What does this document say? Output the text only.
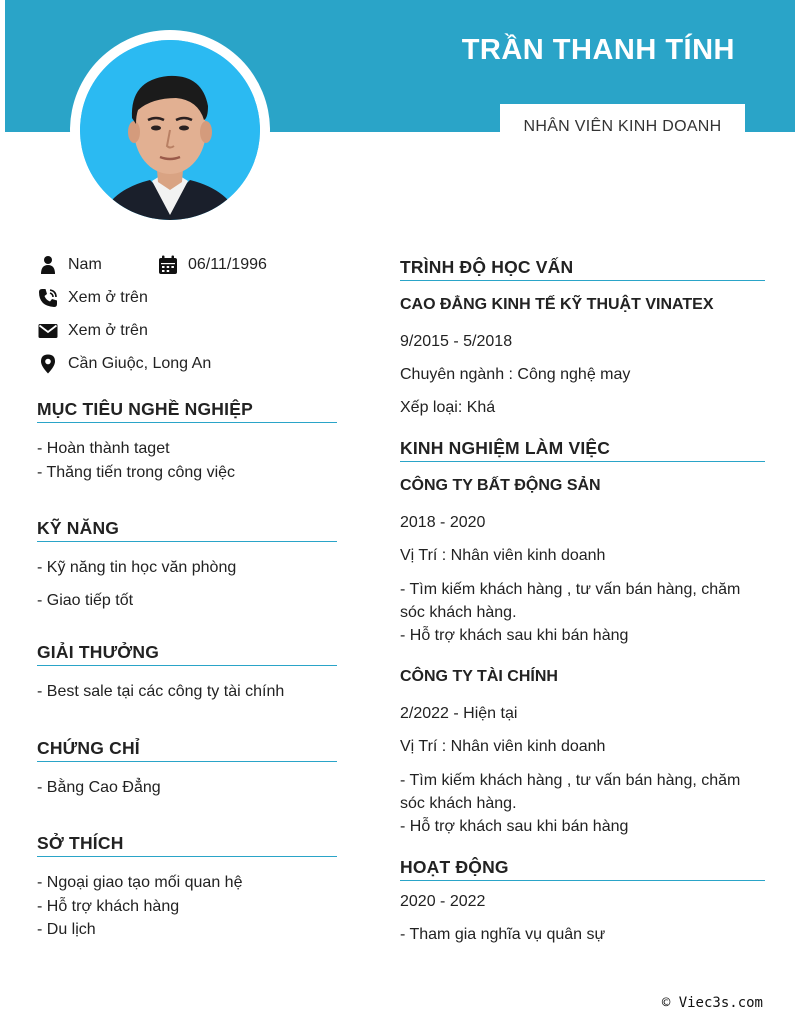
TRẦN THANH TÍNH
NHÂN VIÊN KINH DOANH
Nam	06/11/1996
Xem ở trên
Xem ở trên
Cần Giuộc, Long An
MỤC TIÊU NGHỀ NGHIỆP
- Hoàn thành taget
- Thăng tiến trong công việc
KỸ NĂNG
- Kỹ năng tin học văn phòng
- Giao tiếp tốt
GIẢI THƯỞNG
- Best sale tại các công ty tài chính
CHỨNG CHỈ
- Bằng Cao Đẳng
SỞ THÍCH
- Ngoại giao tạo mối quan hệ
- Hỗ trợ khách hàng
- Du lịch
TRÌNH ĐỘ HỌC VẤN
CAO ĐẲNG KINH TẾ KỸ THUẬT VINATEX
9/2015 - 5/2018
Chuyên ngành : Công nghệ may
Xếp loại: Khá
KINH NGHIỆM LÀM VIỆC
CÔNG TY BẤT ĐỘNG SẢN
2018 - 2020
Vị Trí : Nhân viên kinh doanh
- Tìm kiếm khách hàng , tư vấn bán hàng, chăm sóc khách hàng.
- Hỗ trợ khách sau khi bán hàng
CÔNG TY TÀI CHÍNH
2/2022 - Hiện tại
Vị Trí : Nhân viên kinh doanh
- Tìm kiếm khách hàng , tư vấn bán hàng, chăm sóc khách hàng.
- Hỗ trợ khách sau khi bán hàng
HOẠT ĐỘNG
2020 - 2022
- Tham gia nghĩa vụ quân sự
© Viec3s.com
